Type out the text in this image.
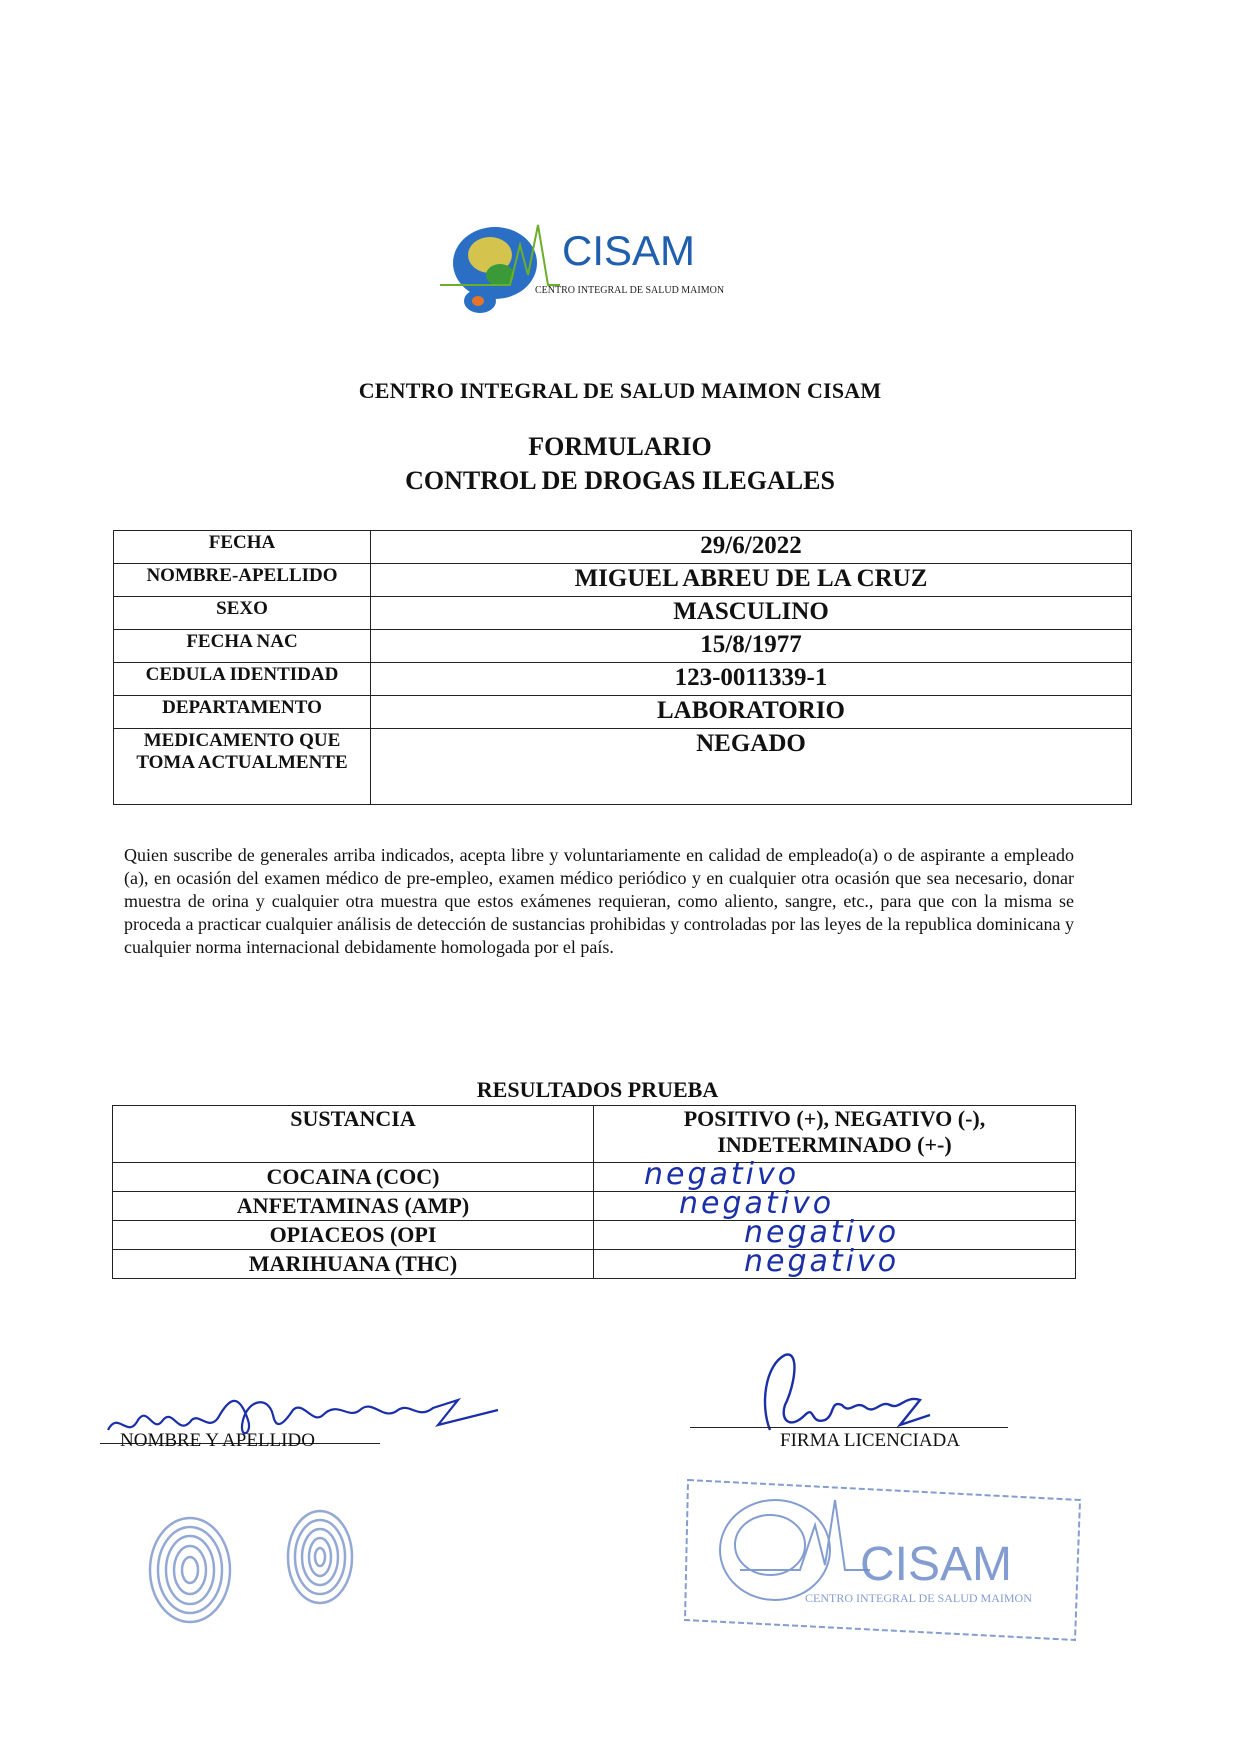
CISAM
CENTRO INTEGRAL DE SALUD MAIMON
CENTRO INTEGRAL DE SALUD MAIMON CISAM
FORMULARIO
CONTROL DE DROGAS ILEGALES
FECHA	29/6/2022
NOMBRE-APELLIDO	MIGUEL ABREU DE LA CRUZ
SEXO	MASCULINO
FECHA NAC	15/8/1977
CEDULA IDENTIDAD	123-0011339-1
DEPARTAMENTO	LABORATORIO

MEDICAMENTO QUE
TOMA ACTUALMENTE	NEGADO
Quien suscribe de generales arriba indicados, acepta libre y voluntariamente en calidad de empleado(a) o de aspirante a empleado (a), en ocasión del examen médico de pre-empleo, examen médico periódico y en cualquier otra ocasión que sea necesario, donar muestra de orina y cualquier otra muestra que estos exámenes requieran, como aliento, sangre, etc., para que con la misma se proceda a practicar cualquier análisis de detección de sustancias prohibidas y controladas por las leyes de la republica dominicana y cualquier norma internacional debidamente homologada por el país.
RESULTADOS PRUEBA
SUSTANCIA	POSITIVO (+), NEGATIVO (-),
INDETERMINADO (+-)

COCAINA (COC)	negativo

ANFETAMINAS (AMP)	negativo

OPIACEOS (OPI	negativo

MARIHUANA (THC)	negativo
NOMBRE Y APELLIDO	FIRMA LICENCIADA
CISAM
CENTRO INTEGRAL DE SALUD MAIMON
